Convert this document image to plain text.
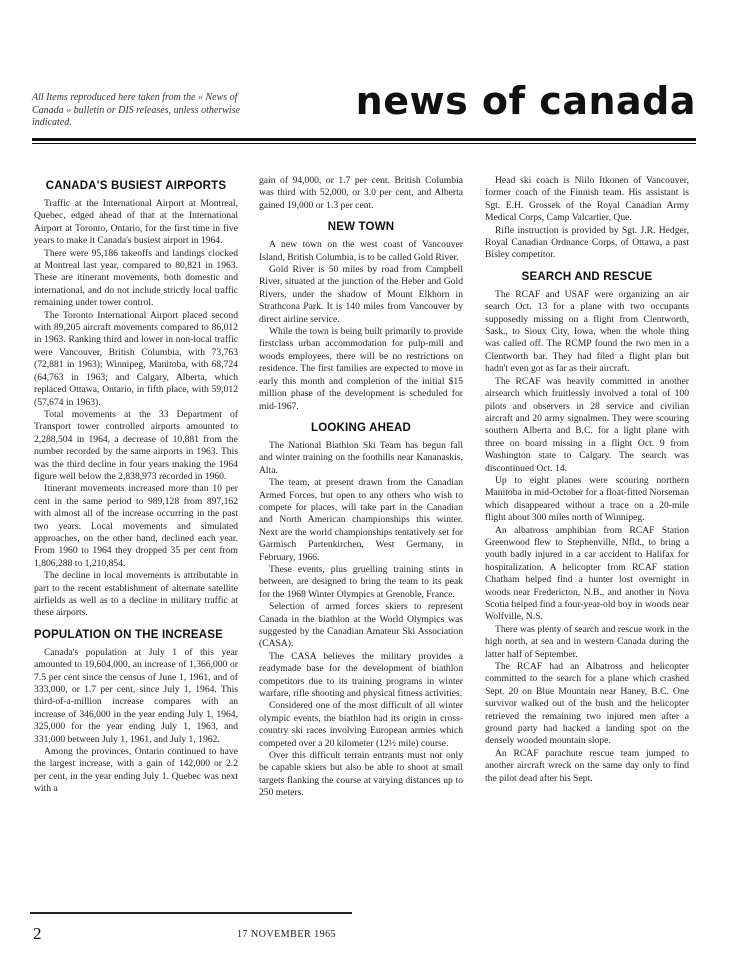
All Items reproduced here taken from the « News of Canada » bulletin or DIS releases, unless otherwise indicated.	news of canada
CANADA'S BUSIEST AIRPORTS

Traffic at the International Airport at Montreal, Quebec, edged ahead of that at the International Airport at Toronto, Ontario, for the first time in five years to make it Canada's busiest airport in 1964.

There were 95,186 takeoffs and landings clocked at Montreal last year, compared to 80,821 in 1963. These are itinerant movements, both domestic and international, and do not include strictly local traffic remaining under tower control.

The Toronto International Airport placed second with 89,205 aircraft movements compared to 86,012 in 1963. Ranking third and lower in non-local traffic were Vancouver, British Columbia, with 73,763 (72,881 in 1963); Winnipeg, Manitoba, with 68,724 (64,763 in 1963; and Calgary, Alberta, which replaced Ottawa, Ontario, in fifth place, with 59,012 (57,674 in 1963).

Total movements at the 33 Department of Transport tower controlled airports amounted to 2,288,504 in 1964, a decrease of 10,881 from the number recorded by the same airports in 1963. This was the third decline in four years making the 1964 figure well below the 2,838,973 recorded in 1960.

Itinerant movements increased more than 10 per cent in the same period to 989,128 from 897,162 with almost all of the increase occurring in the past two years. Local movements and simulated approaches, on the other hand, declined each year. From 1960 to 1964 they dropped 35 per cent from 1,806,288 to 1,210,854.

The decline in local movements is attributable in part to the recent establishment of alternate satellite airfields as well as to a decline in military traffic at these airports.

POPULATION ON THE INCREASE

Canada's population at July 1 of this year amounted to 19,604,000, an increase of 1,366,000 or 7.5 per cent since the census of June 1, 1961, and of 333,000, or 1.7 per cent, since July 1, 1964. This third-of-a-million increase compares with an increase of 346,000 in the year ending July 1, 1964, 325,000 for the year ending July 1, 1963, and 331,000 between July 1, 1961, and July 1, 1962.

Among the provinces, Ontario continued to have the largest increase, with a gain of 142,000 or 2.2 per cent, in the year ending July 1. Quebec was next with a

gain of 94,000, or 1.7 per cent. British Columbia was third with 52,000, or 3.0 per cent, and Alberta gained 19,000 or 1.3 per cent.

NEW TOWN

A new town on the west coast of Vancouver Island, British Columbia, is to be called Gold River.

Gold River is 50 miles by road from Campbell River, situated at the junction of the Heber and Gold Rivers, under the shadow of Mount Elkhorn in Strathcona Park. It is 140 miles from Vancouver by direct airline service.

While the town is being built primarily to provide firstclass urban accommodation for pulp-mill and woods employees, there will be no restrictions on residence. The first families are expected to move in early this month and completion of the initial $15 million phase of the development is scheduled for mid-1967.

LOOKING AHEAD

The National Biathlon Ski Team has begun fall and winter training on the foothills near Kananaskis, Alta.

The team, at present drawn from the Canadian Armed Forces, but open to any others who wish to compete for places, will take part in the Canadian and North American championships this winter. Next are the world championships tentatively set for Garmisch Partenkirchen, West Germany, in February, 1966.

These events, plus gruelling training stints in between, are designed to bring the team to its peak for the 1968 Winter Olympics at Grenoble, France.

Selection of armed forces skiers to represent Canada in the biathlon at the World Olympics was suggested by the Canadian Amateur Ski Association (CASA).

The CASA believes the military provides a readymade base for the development of biathlon competitors due to its training programs in winter warfare, rifle shooting and physical fitness activities.

Considered one of the most difficult of all winter olympic events, the biathlon had its origin in cross-country ski races involving European armies which competed over a 20 kilometer (12½ mile) course.

Over this difficult terrain entrants must not only be capable skiers but also be able to shoot at small targets flanking the course at varying distances up to 250 meters.

Head ski coach is Niilo Itkonen of Vancouver, former coach of the Finnish team. His assistant is Sgt. E.H. Grossek of the Royal Canadian Army Medical Corps, Camp Valcartier, Que.

Rifle instruction is provided by Sgt. J.R. Hedger, Royal Canadian Ordnance Corps, of Ottawa, a past Bisley competitor.

SEARCH AND RESCUE

The RCAF and USAF were organizing an air search Oct. 13 for a plane with two occupants supposedly missing on a flight from Clentworth, Sask., to Sioux City, Iowa, when the whole thing was called off. The RCMP found the two men in a Clentworth bar. They had filed a flight plan but hadn't even got as far as their aircraft.

The RCAF was heavily committed in another airsearch which fruitlessly involved a total of 100 pilots and observers in 28 service and civilian aircraft and 20 army signalmen. They were scouring southern Alberta and B.C. for a light plane with three on board missing in a flight Oct. 9 from Washington state to Calgary. The search was discontinued Oct. 14.

Up to eight planes were scouring northern Manitoba in mid-October for a float-fitted Norseman which disappeared without a trace on a 20-mile flight about 300 miles north of Winnipeg.

An albatross amphibian from RCAF Station Greenwood flew to Stephenville, Nfld., to bring a youth badly injured in a car accident to Halifax for hospitalization. A helicopter from RCAF station Chatham helped find a hunter lost overnight in woods near Fredericton, N.B., and another in Nova Scotia helped find a four-year-old boy in woods near Wolfville, N.S.

There was plenty of search and rescue work in the high north, at sea and in western Canada during the latter half of September.

The RCAF had an Albatross and helicopter committed to the search for a plane which crashed Sept. 20 on Blue Mountain near Haney, B.C. One survivor walked out of the bush and the helicopter retrieved the remaining two injured men after a ground party had hacked a landing spot on the densely wooded mountain slope.

An RCAF parachute rescue team jumped to another aircraft wreck on the same day only to find the pilot dead after his Sept.

2	17 NOVEMBER 1965
